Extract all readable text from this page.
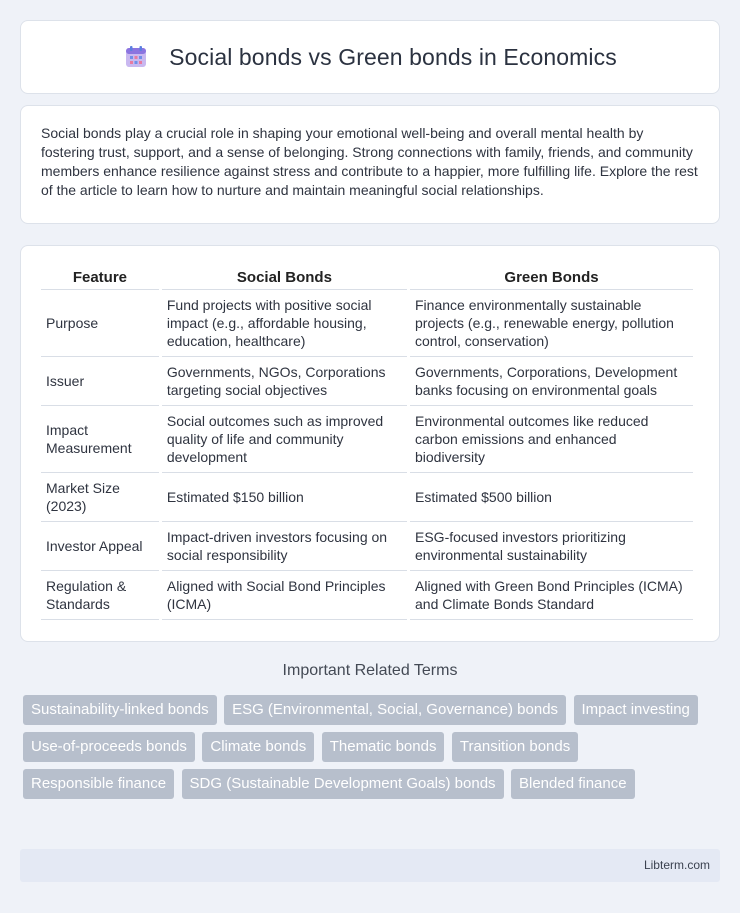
Social bonds vs Green bonds in Economics

Social bonds play a crucial role in shaping your emotional well-being and overall mental health by fostering trust, support, and a sense of belonging. Strong connections with family, friends, and community members enhance resilience against stress and contribute to a happier, more fulfilling life. Explore the rest of the article to learn how to nurture and maintain meaningful social relationships.

Feature	Social Bonds	Green Bonds
Purpose	Fund projects with positive social impact (e.g., affordable housing, education, healthcare)	Finance environmentally sustainable projects (e.g., renewable energy, pollution control, conservation)
Issuer	Governments, NGOs, Corporations targeting social objectives	Governments, Corporations, Development banks focusing on environmental goals
Impact Measurement	Social outcomes such as improved quality of life and community development	Environmental outcomes like reduced carbon emissions and enhanced biodiversity
Market Size (2023)	Estimated $150 billion	Estimated $500 billion
Investor Appeal	Impact-driven investors focusing on social responsibility	ESG-focused investors prioritizing environmental sustainability
Regulation & Standards	Aligned with Social Bond Principles (ICMA)	Aligned with Green Bond Principles (ICMA) and Climate Bonds Standard
Important Related Terms
Sustainability-linked bonds ESG (Environmental, Social, Governance) bonds Impact investing Use-of-proceeds bonds Climate bonds Thematic bonds Transition bonds Responsible finance SDG (Sustainable Development Goals) bonds Blended finance
Libterm.com
